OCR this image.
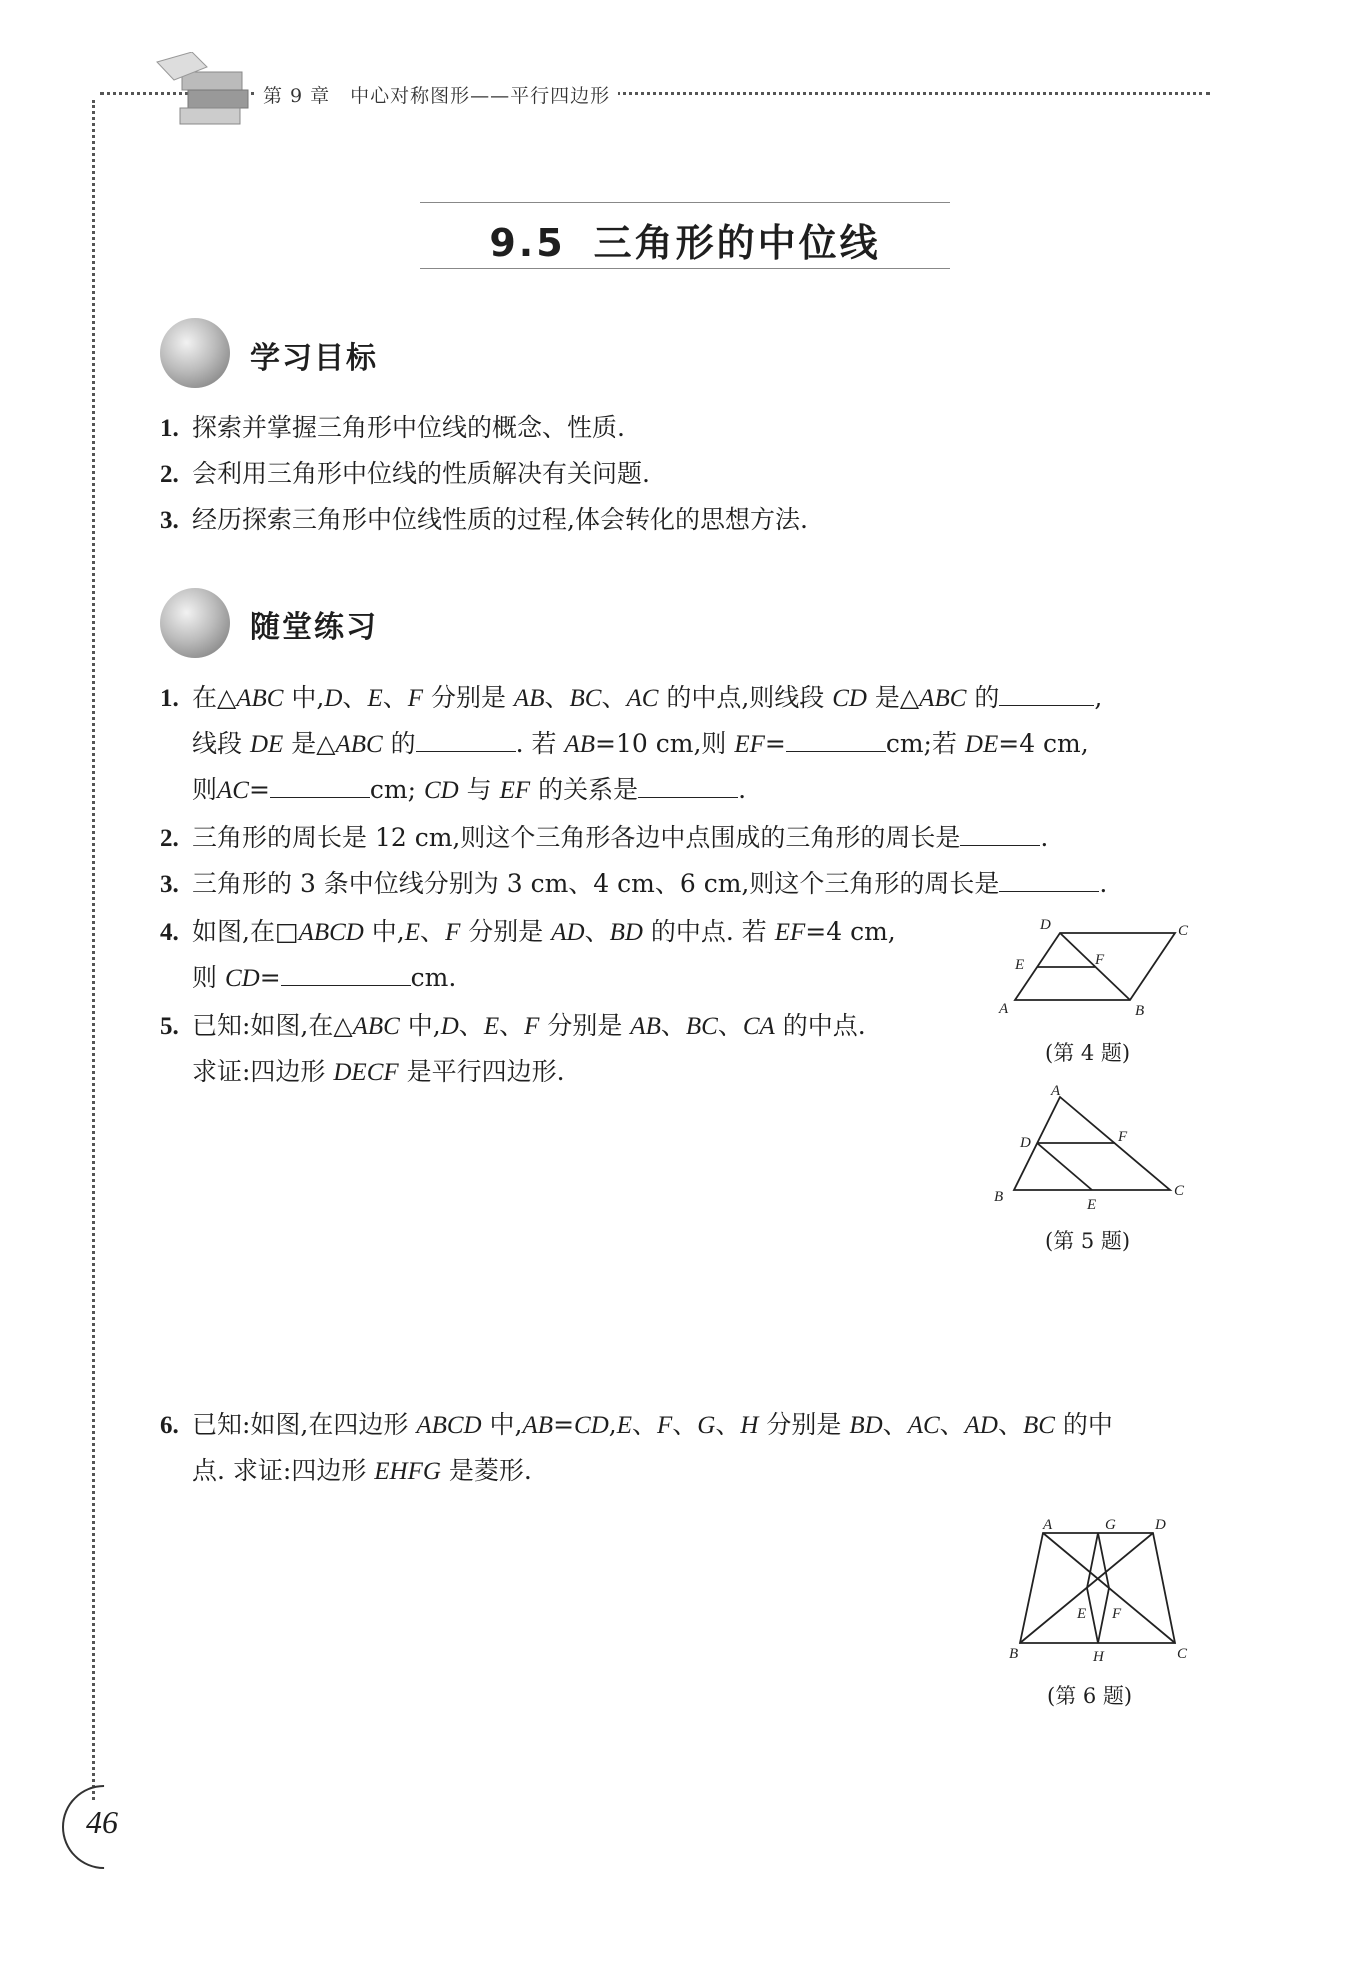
第 9 章　中心对称图形——平行四边形
9.5 三角形的中位线
学习目标
1. 探索并掌握三角形中位线的概念、性质.
2. 会利用三角形中位线的性质解决有关问题.
3. 经历探索三角形中位线性质的过程,体会转化的思想方法.
随堂练习
1. 在△ABC 中,D、E、F 分别是 AB、BC、AC 的中点,则线段 CD 是△ABC 的	,
线段 DE 是△ABC 的	. 若 AB=10 cm,则 EF=	cm;若 DE=4 cm,
则AC=	cm; CD 与 EF 的关系是	.
2. 三角形的周长是 12 cm,则这个三角形各边中点围成的三角形的周长是	.
3. 三角形的 3 条中位线分别为 3 cm、4 cm、6 cm,则这个三角形的周长是	.
4. 如图,在□ABCD 中,E、F 分别是 AD、BD 的中点. 若 EF=4 cm,
则 CD=	cm.
5. 已知:如图,在△ABC 中,D、E、F 分别是 AB、BC、CA 的中点.
求证:四边形 DECF 是平行四边形.
A	B
C
D
E	F
(第 4 题)
A
B	C
D
E
F
(第 5 题)
6. 已知:如图,在四边形 ABCD 中,AB=CD,E、F、G、H 分别是 BD、AC、AD、BC 的中
点. 求证:四边形 EHFG 是菱形.
A
B	C
D
E F
G
H
(第 6 题)
46
